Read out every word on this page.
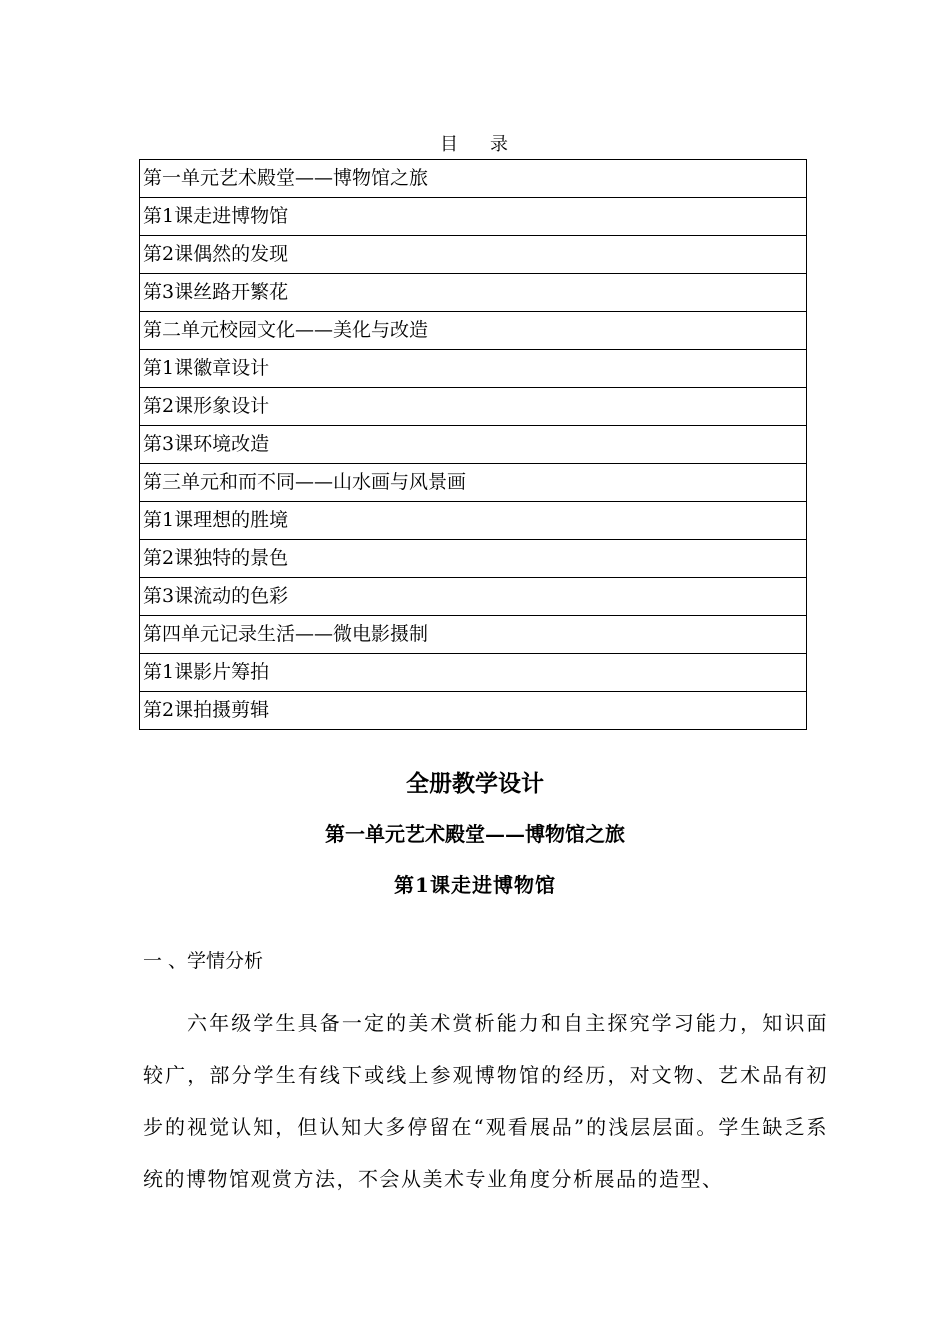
目 录
第一单元艺术殿堂——博物馆之旅
第1课走进博物馆
第2课偶然的发现
第3课丝路开繁花
第二单元校园文化——美化与改造
第1课徽章设计
第2课形象设计
第3课环境改造
第三单元和而不同——山水画与风景画
第1课理想的胜境
第2课独特的景色
第3课流动的色彩
第四单元记录生活——微电影摄制
第1课影片筹拍
第2课拍摄剪辑
全册教学设计
第一单元艺术殿堂——博物馆之旅
第1课走进博物馆
一 、学情分析

六年级学生具备一定的美术赏析能力和自主探究学习能力，知识面较广，部分学生有线下或线上参观博物馆的经历，对文物、艺术品有初步的视觉认知，但认知大多停留在“观看展品”的浅层层面。学生缺乏系统的博物馆观赏方法，不会从美术专业角度分析展品的造型、
